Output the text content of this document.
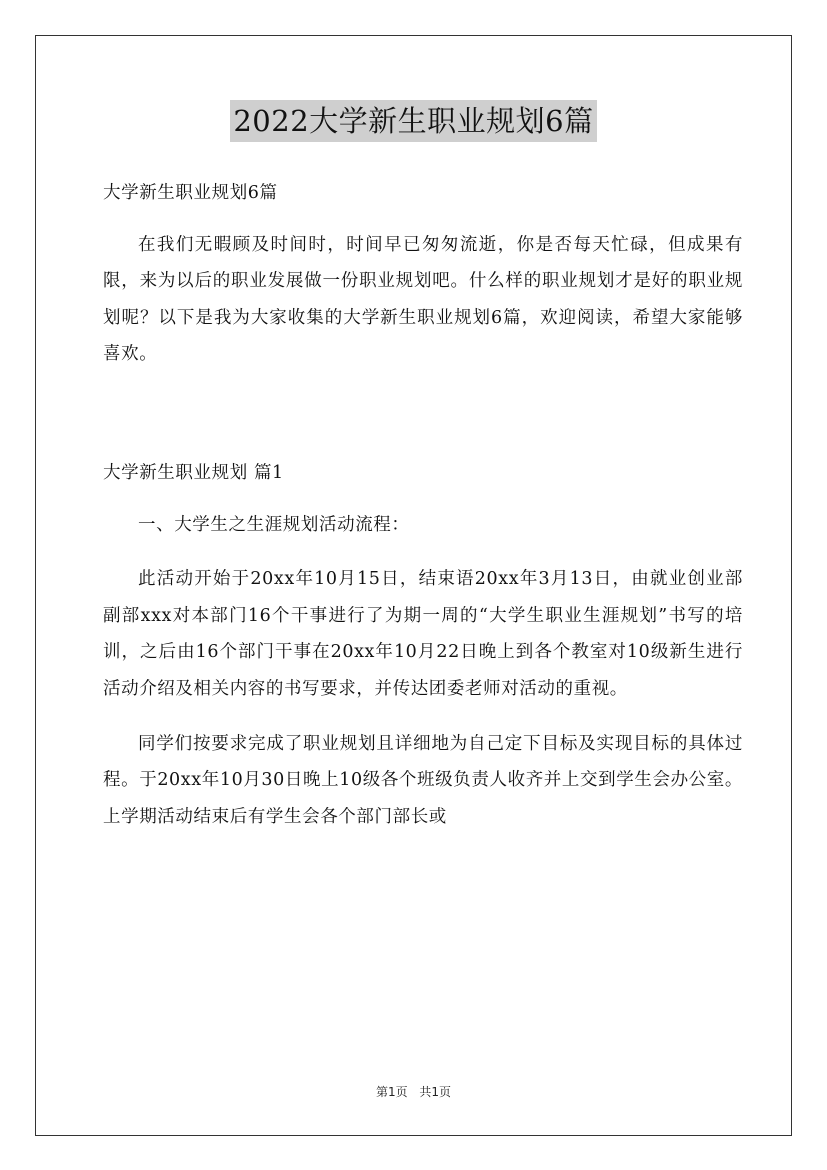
2022大学新生职业规划6篇

大学新生职业规划6篇

在我们无暇顾及时间时，时间早已匆匆流逝，你是否每天忙碌，但成果有限，来为以后的职业发展做一份职业规划吧。什么样的职业规划才是好的职业规划呢？以下是我为大家收集的大学新生职业规划6篇，欢迎阅读，希望大家能够喜欢。

大学新生职业规划 篇1

一、大学生之生涯规划活动流程：

此活动开始于20xx年10月15日，结束语20xx年3月13日，由就业创业部副部xxx对本部门16个干事进行了为期一周的“大学生职业生涯规划”书写的培训，之后由16个部门干事在20xx年10月22日晚上到各个教室对10级新生进行活动介绍及相关内容的书写要求，并传达团委老师对活动的重视。

同学们按要求完成了职业规划且详细地为自己定下目标及实现目标的具体过程。于20xx年10月30日晚上10级各个班级负责人收齐并上交到学生会办公室。上学期活动结束后有学生会各个部门部长或

第1页 共1页
